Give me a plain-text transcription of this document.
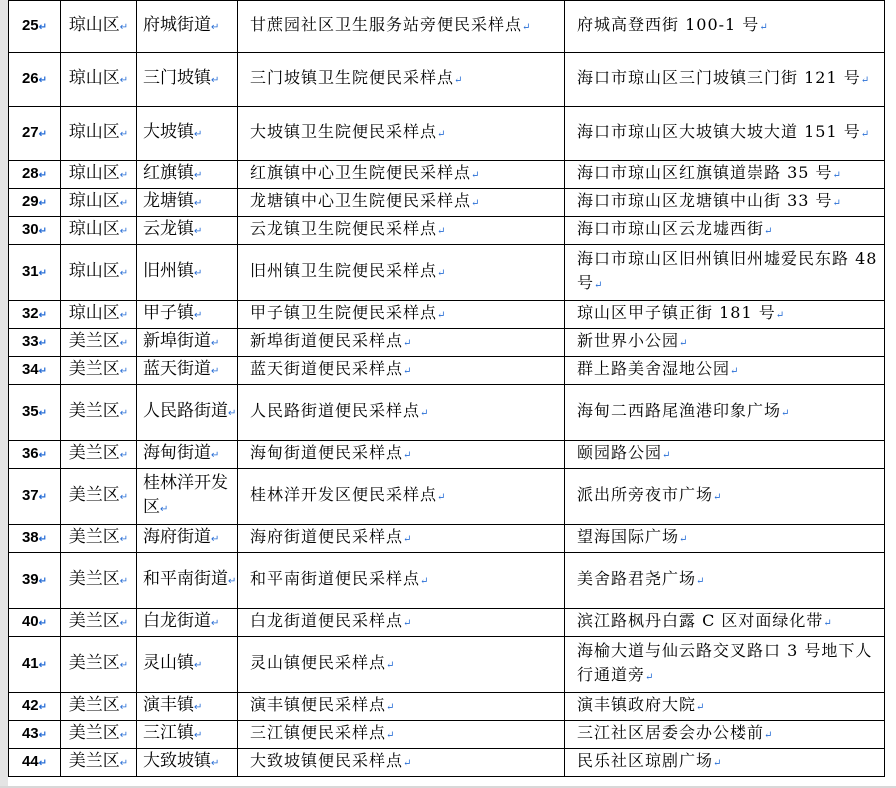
25↵	琼山区↵	府城街道↵	甘蔗园社区卫生服务站旁便民采样点↵	府城高登西街 100-1 号↵
26↵	琼山区↵	三门坡镇↵	三门坡镇卫生院便民采样点↵	海口市琼山区三门坡镇三门街 121 号↵
27↵	琼山区↵	大坡镇↵	大坡镇卫生院便民采样点↵	海口市琼山区大坡镇大坡大道 151 号↵
28↵	琼山区↵	红旗镇↵	红旗镇中心卫生院便民采样点↵	海口市琼山区红旗镇道崇路 35 号↵
29↵	琼山区↵	龙塘镇↵	龙塘镇中心卫生院便民采样点↵	海口市琼山区龙塘镇中山街 33 号↵
30↵	琼山区↵	云龙镇↵	云龙镇卫生院便民采样点↵	海口市琼山区云龙墟西街↵
31↵	琼山区↵	旧州镇↵	旧州镇卫生院便民采样点↵	海口市琼山区旧州镇旧州墟爱民东路 48 号↵
32↵	琼山区↵	甲子镇↵	甲子镇卫生院便民采样点↵	琼山区甲子镇正街 181 号↵
33↵	美兰区↵	新埠街道↵	新埠街道便民采样点↵	新世界小公园↵
34↵	美兰区↵	蓝天街道↵	蓝天街道便民采样点↵	群上路美舍湿地公园↵
35↵	美兰区↵	人民路街道↵	人民路街道便民采样点↵	海甸二西路尾渔港印象广场↵
36↵	美兰区↵	海甸街道↵	海甸街道便民采样点↵	颐园路公园↵
37↵	美兰区↵	桂林洋开发区↵	桂林洋开发区便民采样点↵	派出所旁夜市广场↵
38↵	美兰区↵	海府街道↵	海府街道便民采样点↵	望海国际广场↵
39↵	美兰区↵	和平南街道↵	和平南街道便民采样点↵	美舍路君尧广场↵
40↵	美兰区↵	白龙街道↵	白龙街道便民采样点↵	滨江路枫丹白露 C 区对面绿化带↵
41↵	美兰区↵	灵山镇↵	灵山镇便民采样点↵	海榆大道与仙云路交叉路口 3 号地下人行通道旁↵
42↵	美兰区↵	演丰镇↵	演丰镇便民采样点↵	演丰镇政府大院↵
43↵	美兰区↵	三江镇↵	三江镇便民采样点↵	三江社区居委会办公楼前↵
44↵	美兰区↵	大致坡镇↵	大致坡镇便民采样点↵	民乐社区琼剧广场↵
